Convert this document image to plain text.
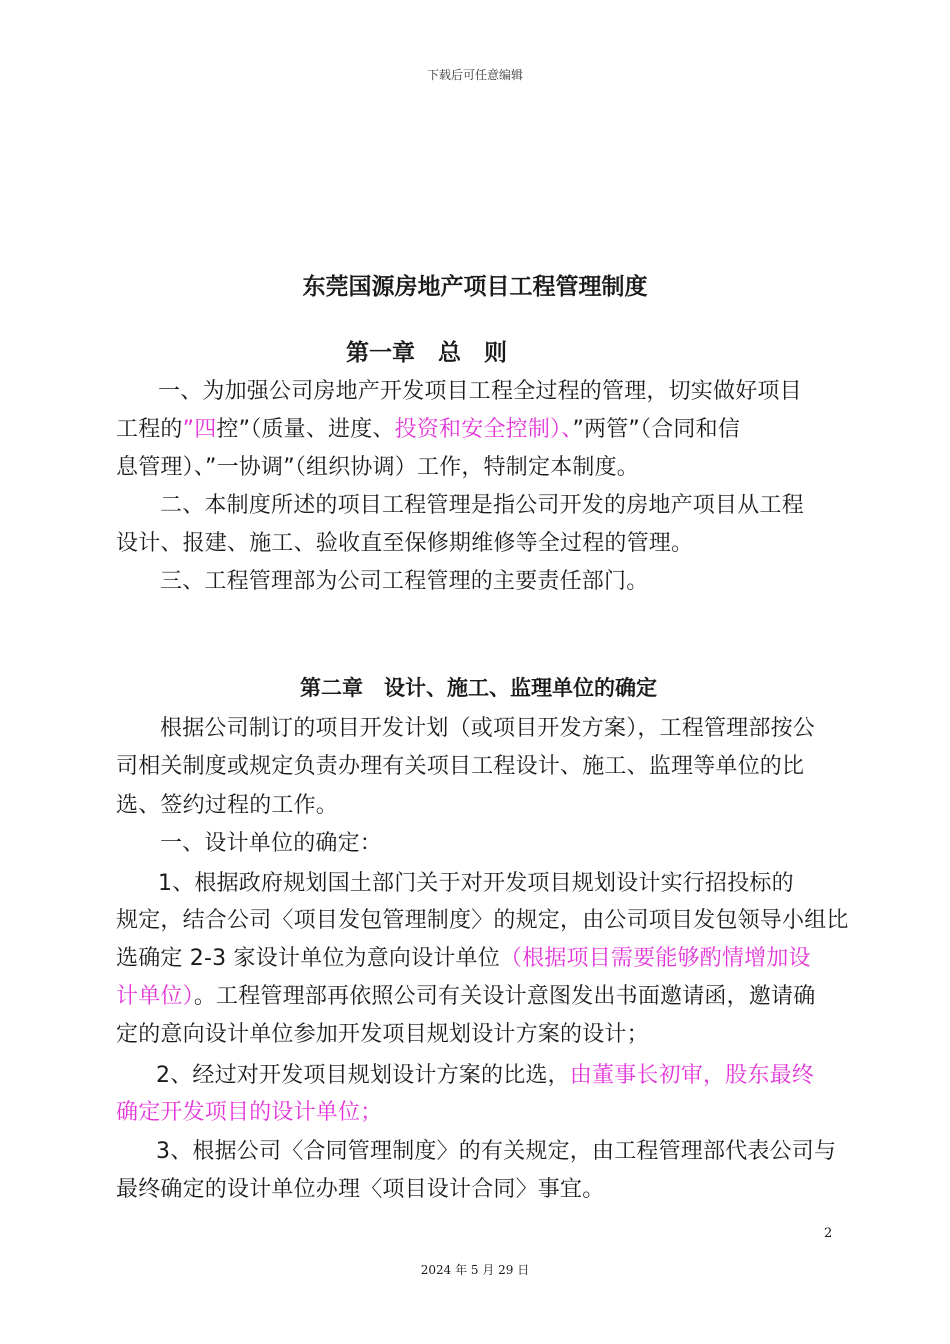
下载后可任意编辑
东莞国源房地产项目工程管理制度
第一章　总　则
一、为加强公司房地产开发项目工程全过程的管理，切实做好项目
工程的”四控”（质量、进度、投资和安全控制）、”两管”（合同和信
息管理）、”一协调”（组织协调）工作，特制定本制度。
二、本制度所述的项目工程管理是指公司开发的房地产项目从工程
设计、报建、施工、验收直至保修期维修等全过程的管理。
三、工程管理部为公司工程管理的主要责任部门。
第二章　设计、施工、监理单位的确定
根据公司制订的项目开发计划（或项目开发方案），工程管理部按公
司相关制度或规定负责办理有关项目工程设计、施工、监理等单位的比
选、签约过程的工作。
一、设计单位的确定：
1、根据政府规划国土部门关于对开发项目规划设计实行招投标的
规定，结合公司〈项目发包管理制度〉的规定，由公司项目发包领导小组比
选确定 2-3 家设计单位为意向设计单位（根据项目需要能够酌情增加设
计单位）。工程管理部再依照公司有关设计意图发出书面邀请函，邀请确
定的意向设计单位参加开发项目规划设计方案的设计；
2、经过对开发项目规划设计方案的比选，由董事长初审，股东最终
确定开发项目的设计单位；
3、根据公司〈合同管理制度〉的有关规定，由工程管理部代表公司与
最终确定的设计单位办理〈项目设计合同〉事宜。
2
2024 年 5 月 29 日
